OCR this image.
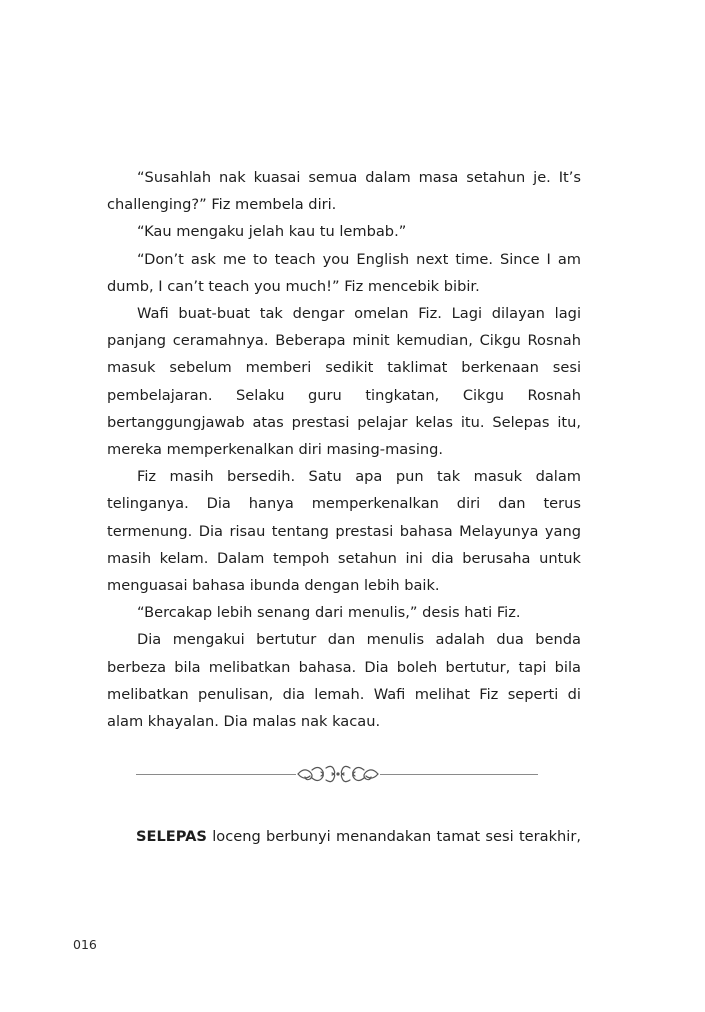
“Susahlah nak kuasai semua dalam masa setahun je. It’s challenging?” Fiz membela diri.

“Kau mengaku jelah kau tu lembab.”

“Don’t ask me to teach you English next time. Since I am dumb, I can’t teach you much!” Fiz mencebik bibir.

Wafi buat-buat tak dengar omelan Fiz. Lagi dilayan lagi panjang ceramahnya. Beberapa minit kemudian, Cikgu Rosnah masuk sebelum memberi sedikit taklimat berkenaan sesi pembelajaran. Selaku guru tingkatan, Cikgu Rosnah bertanggungjawab atas prestasi pelajar kelas itu. Selepas itu, mereka memperkenalkan diri masing-masing.

Fiz masih bersedih. Satu apa pun tak masuk dalam telinganya. Dia hanya memperkenalkan diri dan terus termenung. Dia risau tentang prestasi bahasa Melayunya yang masih kelam. Dalam tempoh setahun ini dia berusaha untuk menguasai bahasa ibunda dengan lebih baik.

“Bercakap lebih senang dari menulis,” desis hati Fiz.

Dia mengakui bertutur dan menulis adalah dua benda berbeza bila melibatkan bahasa. Dia boleh bertutur, tapi bila melibatkan penulisan, dia lemah. Wafi melihat Fiz seperti di alam khayalan. Dia malas nak kacau.

SELEPAS loceng berbunyi menandakan tamat sesi terakhir,

016
